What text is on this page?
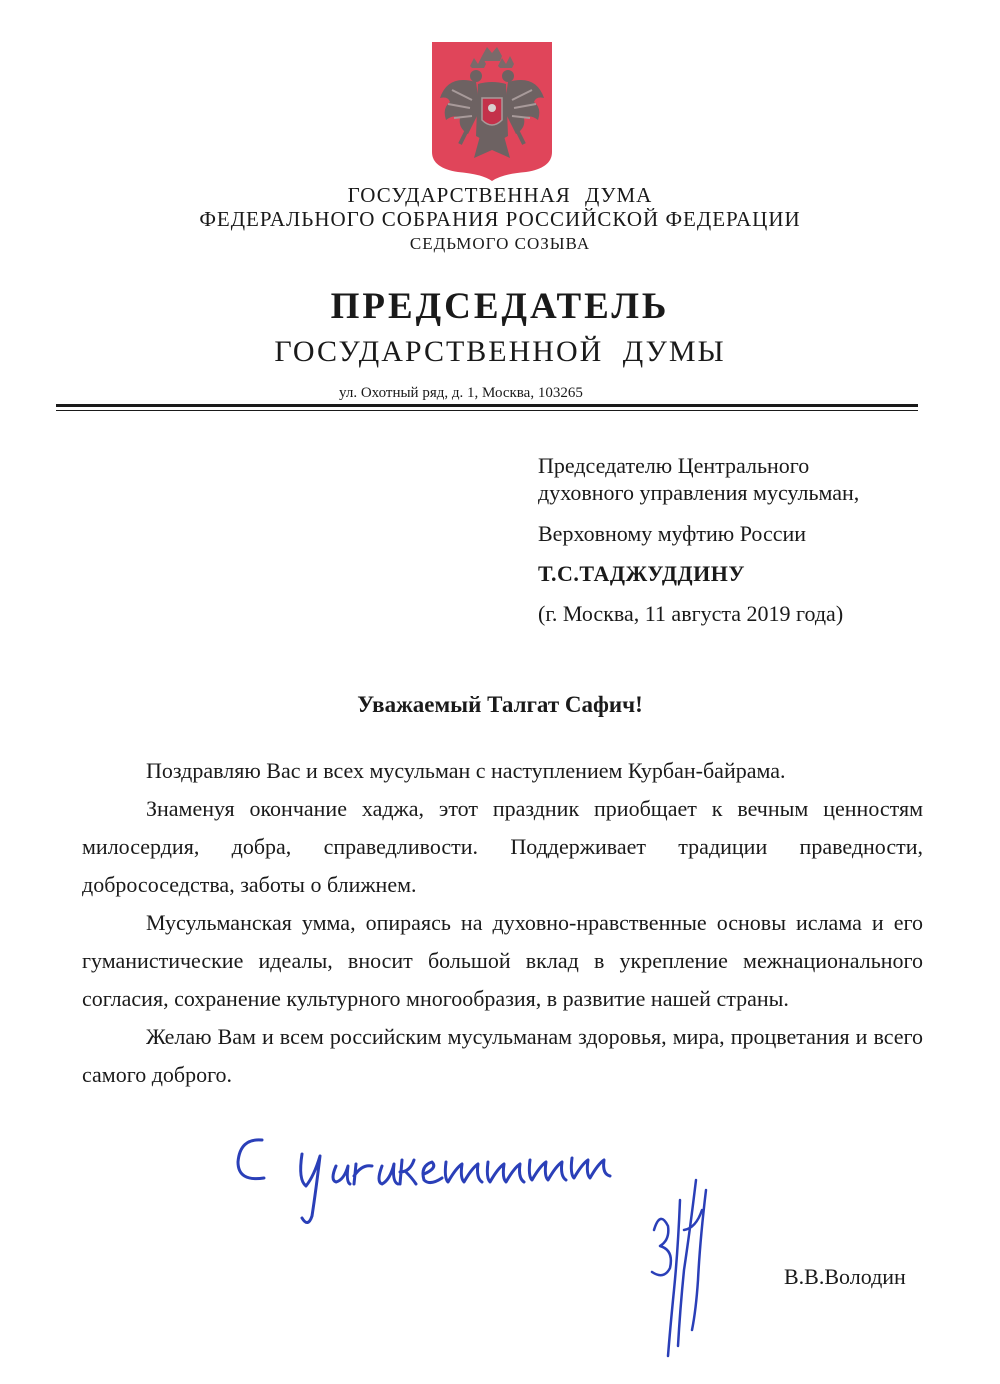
ГОСУДАРСТВЕННАЯ ДУМА
ФЕДЕРАЛЬНОГО СОБРАНИЯ РОССИЙСКОЙ ФЕДЕРАЦИИ
СЕДЬМОГО СОЗЫВА
ПРЕДСЕДАТЕЛЬ
ГОСУДАРСТВЕННОЙ ДУМЫ
ул. Охотный ряд, д. 1, Москва, 103265
Председателю Центрального
духовного управления мусульман,
Верховному муфтию России
Т.С.ТАДЖУДДИНУ
(г. Москва, 11 августа 2019 года)
Уважаемый Талгат Сафич!

Поздравляю Вас и всех мусульман с наступлением Курбан-байрама.

Знаменуя окончание хаджа, этот праздник приобщает к вечным ценностям милосердия, добра, справедливости. Поддерживает традиции праведности, добрососедства, заботы о ближнем.

Мусульманская умма, опираясь на духовно-нравственные основы ислама и его гуманистические идеалы, вносит большой вклад в укрепление межнационального согласия, сохранение культурного многообразия, в развитие нашей страны.

Желаю Вам и всем российским мусульманам здоровья, мира, процветания и всего самого доброго.

В.В.Володин
